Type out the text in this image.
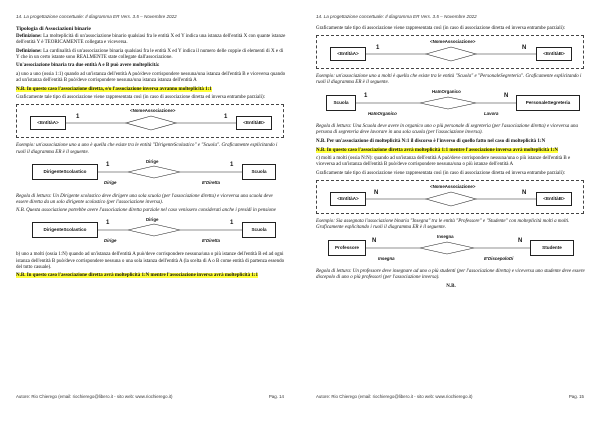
14. La progettazione concettuale: Il diagramma ER Vers. 3.5 – Novembre 2022

Tipologia di Associazioni binarie

Definizione: La molteplicità di un'associazione binario qualsiasi fra le entità X ed Y indica una istanza dell'entità X con quante istanze dell'entità Y è TEORICAMENTE collegata e viceversa.

Definizione: La cardinalità di un'associazione binaria qualsiasi fra le entità X ed Y indica il numero delle coppie di elementi di X e di Y che in un certo istante sono REALMENTE state collegate dall'associazione.

Un'associazione binaria tra due entità A e B può avere molteplicità:

a) uno a uno (ossia 1:1) quando ad un'istanza dell'entità A può/deve corrispondere nessuna/una istanza dell'entità B e viceversa quando ad un'istanza dell'entità B può/deve corrispondere nessuna/una istanza istanza dell'entità A

N.B. In questo caso l'associazione diretta, e/o l'associazione inversa avranno molteplicità 1:1

Graficamente tale tipo di associazione viene rappresentata così (in caso di associazione diretta ed inversa entrambe parziali):

<EntitàA>	<EntitàB>
<NomeAssociazione>
1	1

Esempio: un'associazione uno a uno è quella che esiste tra le entità "DirigenteScolastico" e "Scuola". Graficamente esplicitando i ruoli il diagramma ER è il seguente.

DirigenteScolastico	Scuola
Dirige
1	1
Dirige	E'Diretta

Regola di lettura: Un Dirigente scolastico deve dirigere una sola scuola (per l'associazione diretta) e viceversa una scuola deve essere diretta da un solo dirigente scolastico (per l'associazione inversa).

N.B. Questa associazione potrebbe avere l'associazione diretta parziale nel caso venissero considerati anche i presidi in pensione

DirigenteScolastico	Scuola
Dirige
1	1
Dirige	E'Diretta

b) uno a molti (ossia 1:N) quando ad un'istanza dell'entità A può/deve corrispondere nessuna/una o più istanze dell'entità B ed ad ogni istanza dell'entità B può/deve corrispondere nessuna o una sola istanza dell'entità A (la scelta di A o B come entità di partenza essendo del tutto casuale).

N.B. In questo caso l'associazione diretta avrà molteplicità 1:N mentre l'associazione inversa avrà molteplicità 1:1

Autore: Rio Chierego (email: riochierego@libero.it - sito web: www.riochierego.it)	Pag. 14
14. La progettazione concettuale: Il diagramma ER Vers. 3.5 – Novembre 2022

Graficamente tale tipo di associazione viene rappresentata così (in caso di associazione diretta ed inversa entrambe parziali):

<EntitàA>	<EntitàB>
<NomeAssociazione>
1	N

Esempio: un'associazione uno a molti è quella che esiste tra le entità "Scuola" e "PersonaleSegreteria". Graficamente esplicitando i ruoli il diagramma ER è il seguente.

Scuola	PersonaleSegreteria
HaInOrganico
1	N
HaInOrganico	Lavora

Regola di lettura: Una Scuola deve avere in organico uno o più personale di segreteria (per l'associazione diretta) e viceversa una persona di segreteria deve lavorare in una sola scuola (per l'associazione inversa).

N.B. Per un'associazione di molteplicità N:1 il discorso è l'inverso di quello fatto nel caso di molteplicità 1:N

N.B. In questo caso l'associazione diretta avrà molteplicità 1:1 mentre l'associazione inversa avrà molteplicità 1:N

c) molti a molti (ossia N:N): quando ad un'istanza dell'entità A può/deve corrispondere nessuna/una o più istanze dell'entità B e viceversa ad un'istanza dell'entità B può/deve corrispondere nessuna/una o più istanze dell'entità A

Graficamente tale tipo di associazione viene rappresentata così (in caso di associazione diretta ed inversa entrambe parziali):

<EntitàA>	<EntitàB>
<NomeAssociazione>
N	N

Esempio: Sia assegnata l'associazione binaria "Insegna" tra le entità "Professore" e "Studente" con molteplicità molti a molti. Graficamente esplicitando i ruoli il diagramma ER è il seguente.

Professore	Studente
Insegna
N	N
Insegna	E'DiscepoloDi

Regola di lettura: Un professore deve insegnare ad uno o più studenti (per l'associazione diretta) e viceversa uno studente deve essere discepolo di uno o più professori (per l'associazione inversa).

N.B.

Autore: Rio Chierego (email: riochierego@libero.it - sito web: www.riochierego.it)	Pag. 15
